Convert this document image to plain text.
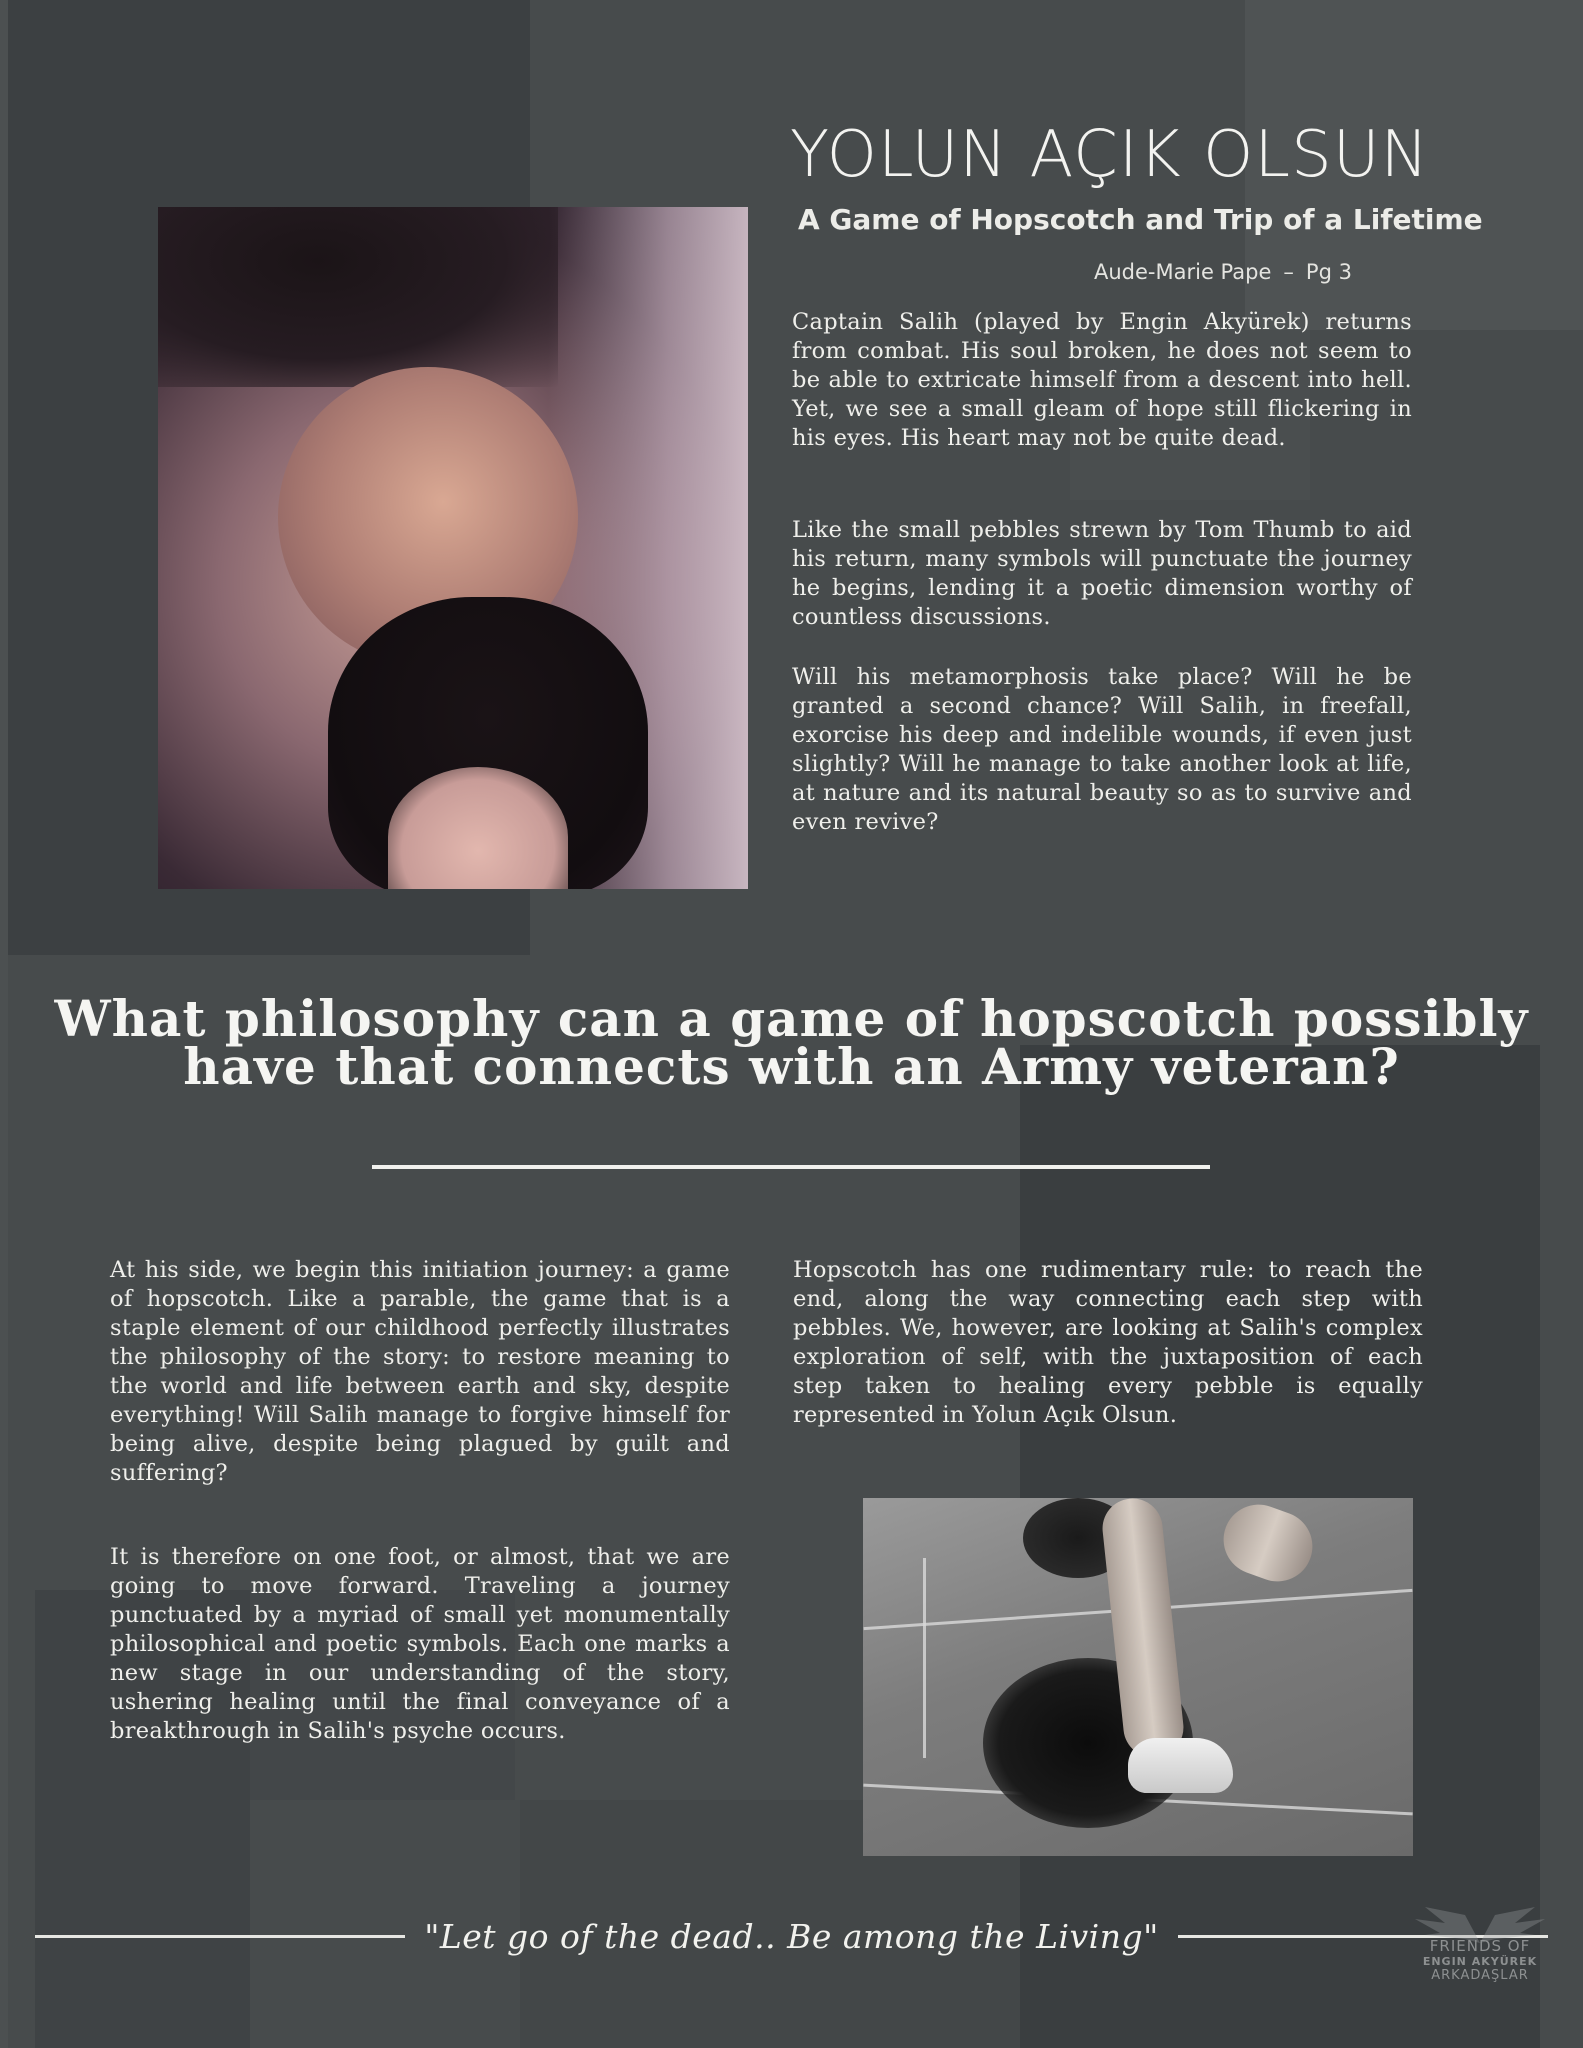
YOLUN AÇIK OLSUN
A Game of Hopscotch and Trip of a Lifetime
Aude-Marie Pape – Pg 3

Captain Salih (played by Engin Akyürek) returns from combat. His soul broken, he does not seem to be able to extricate himself from a descent into hell. Yet, we see a small gleam of hope still flickering in his eyes. His heart may not be quite dead.

Like the small pebbles strewn by Tom Thumb to aid his return, many symbols will punctuate the journey he begins, lending it a poetic dimension worthy of countless discussions.

Will his metamorphosis take place? Will he be granted a second chance? Will Salih, in freefall, exorcise his deep and indelible wounds, if even just slightly? Will he manage to take another look at life, at nature and its natural beauty so as to survive and even revive?

What philosophy can a game of hopscotch possibly
have that connects with an Army veteran?

At his side, we begin this initiation journey: a game of hopscotch. Like a parable, the game that is a staple element of our childhood perfectly illustrates the philosophy of the story: to restore meaning to the world and life between earth and sky, despite everything! Will Salih manage to forgive himself for being alive, despite being plagued by guilt and suffering?

It is therefore on one foot, or almost, that we are going to move forward. Traveling a journey punctuated by a myriad of small yet monumentally philosophical and poetic symbols. Each one marks a new stage in our understanding of the story, ushering healing until the final conveyance of a breakthrough in Salih's psyche occurs.

Hopscotch has one rudimentary rule: to reach the end, along the way connecting each step with pebbles. We, however, are looking at Salih's complex exploration of self, with the juxtaposition of each step taken to healing every pebble is equally represented in Yolun Açık Olsun.

"Let go of the dead.. Be among the Living"	FRIENDS OF
ENGIN AKYÜREK
ARKADAŞLAR
